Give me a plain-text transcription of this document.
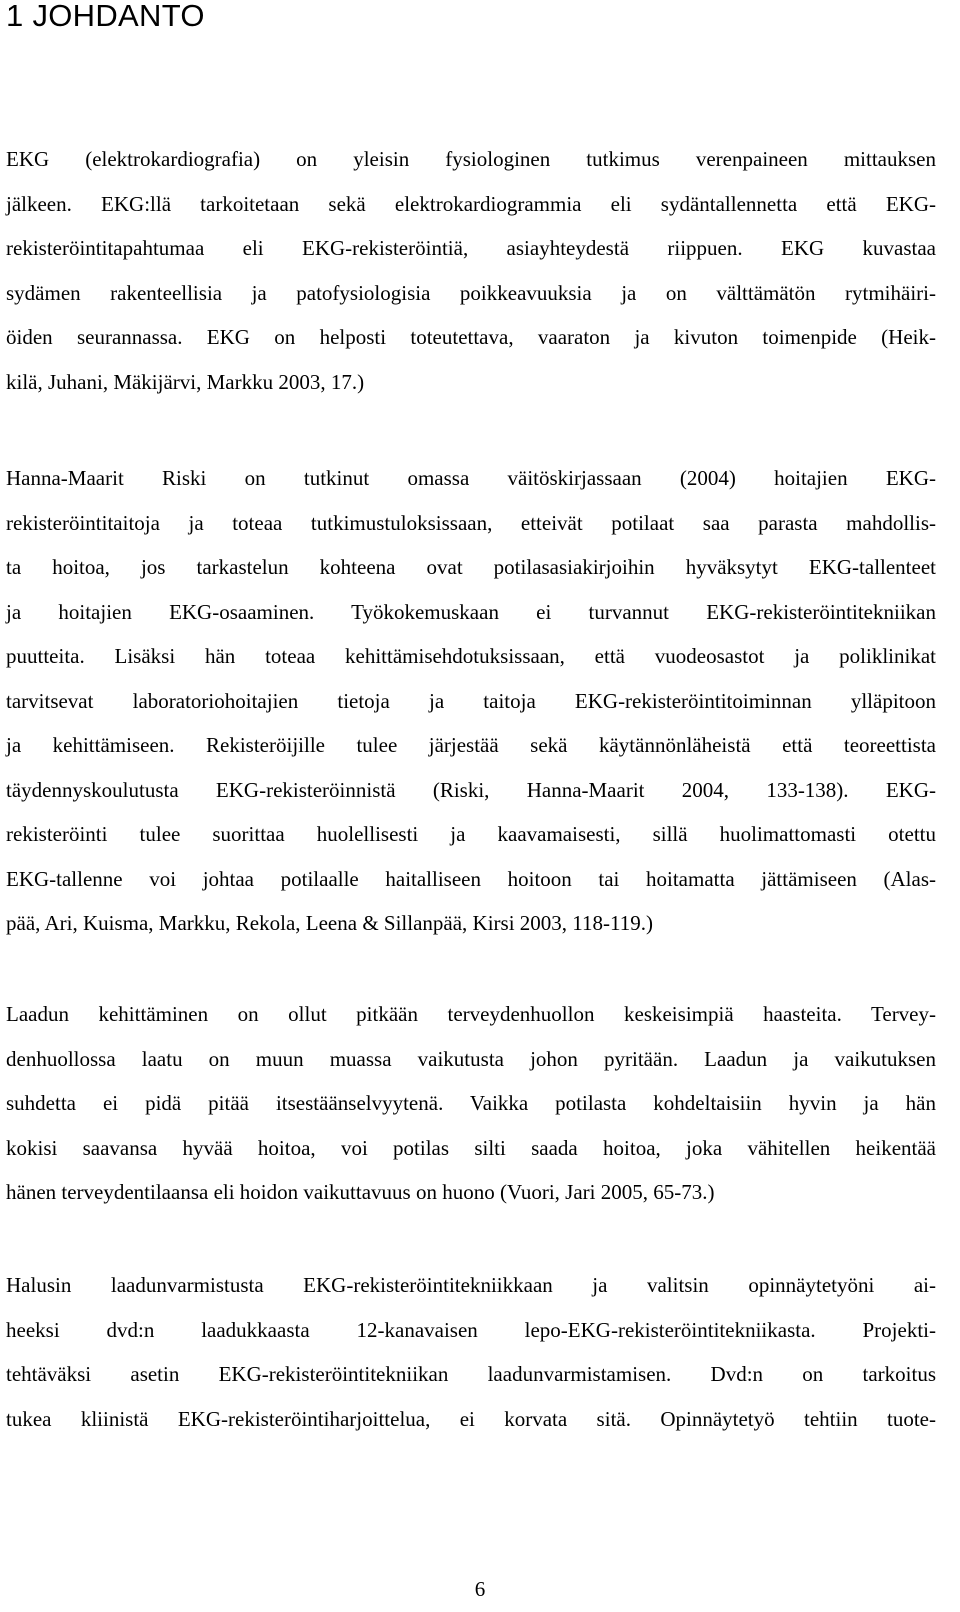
1 JOHDANTO

EKG (elektrokardiografia) on yleisin fysiologinen tutkimus verenpaineen mittauksen
jälkeen. EKG:llä tarkoitetaan sekä elektrokardiogrammia eli sydäntallennetta että EKG-
rekisteröintitapahtumaa eli EKG-rekisteröintiä, asiayhteydestä riippuen. EKG kuvastaa
sydämen rakenteellisia ja patofysiologisia poikkeavuuksia ja on välttämätön rytmihäiri-
öiden seurannassa. EKG on helposti toteutettava, vaaraton ja kivuton toimenpide (Heik-
kilä, Juhani, Mäkijärvi, Markku 2003, 17.)

Hanna-Maarit Riski on tutkinut omassa väitöskirjassaan (2004) hoitajien EKG-
rekisteröintitaitoja ja toteaa tutkimustuloksissaan, etteivät potilaat saa parasta mahdollis-
ta hoitoa, jos tarkastelun kohteena ovat potilasasiakirjoihin hyväksytyt EKG-tallenteet
ja hoitajien EKG-osaaminen. Työkokemuskaan ei turvannut EKG-rekisteröintitekniikan
puutteita. Lisäksi hän toteaa kehittämisehdotuksissaan, että vuodeosastot ja poliklinikat
tarvitsevat laboratoriohoitajien tietoja ja taitoja EKG-rekisteröintitoiminnan ylläpitoon
ja kehittämiseen. Rekisteröijille tulee järjestää sekä käytännönläheistä että teoreettista
täydennyskoulutusta EKG-rekisteröinnistä (Riski, Hanna-Maarit 2004, 133-138). EKG-
rekisteröinti tulee suorittaa huolellisesti ja kaavamaisesti, sillä huolimattomasti otettu
EKG-tallenne voi johtaa potilaalle haitalliseen hoitoon tai hoitamatta jättämiseen (Alas-
pää, Ari, Kuisma, Markku, Rekola, Leena & Sillanpää, Kirsi 2003, 118-119.)

Laadun kehittäminen on ollut pitkään terveydenhuollon keskeisimpiä haasteita. Tervey-
denhuollossa laatu on muun muassa vaikutusta johon pyritään. Laadun ja vaikutuksen
suhdetta ei pidä pitää itsestäänselvyytenä. Vaikka potilasta kohdeltaisiin hyvin ja hän
kokisi saavansa hyvää hoitoa, voi potilas silti saada hoitoa, joka vähitellen heikentää
hänen terveydentilaansa eli hoidon vaikuttavuus on huono (Vuori, Jari 2005, 65-73.)

Halusin laadunvarmistusta EKG-rekisteröintitekniikkaan ja valitsin opinnäytetyöni ai-
heeksi dvd:n laadukkaasta 12-kanavaisen lepo-EKG-rekisteröintitekniikasta. Projekti-
tehtäväksi asetin EKG-rekisteröintitekniikan laadunvarmistamisen. Dvd:n on tarkoitus
tukea kliinistä EKG-rekisteröintiharjoittelua, ei korvata sitä. Opinnäytetyö tehtiin tuote-

6
